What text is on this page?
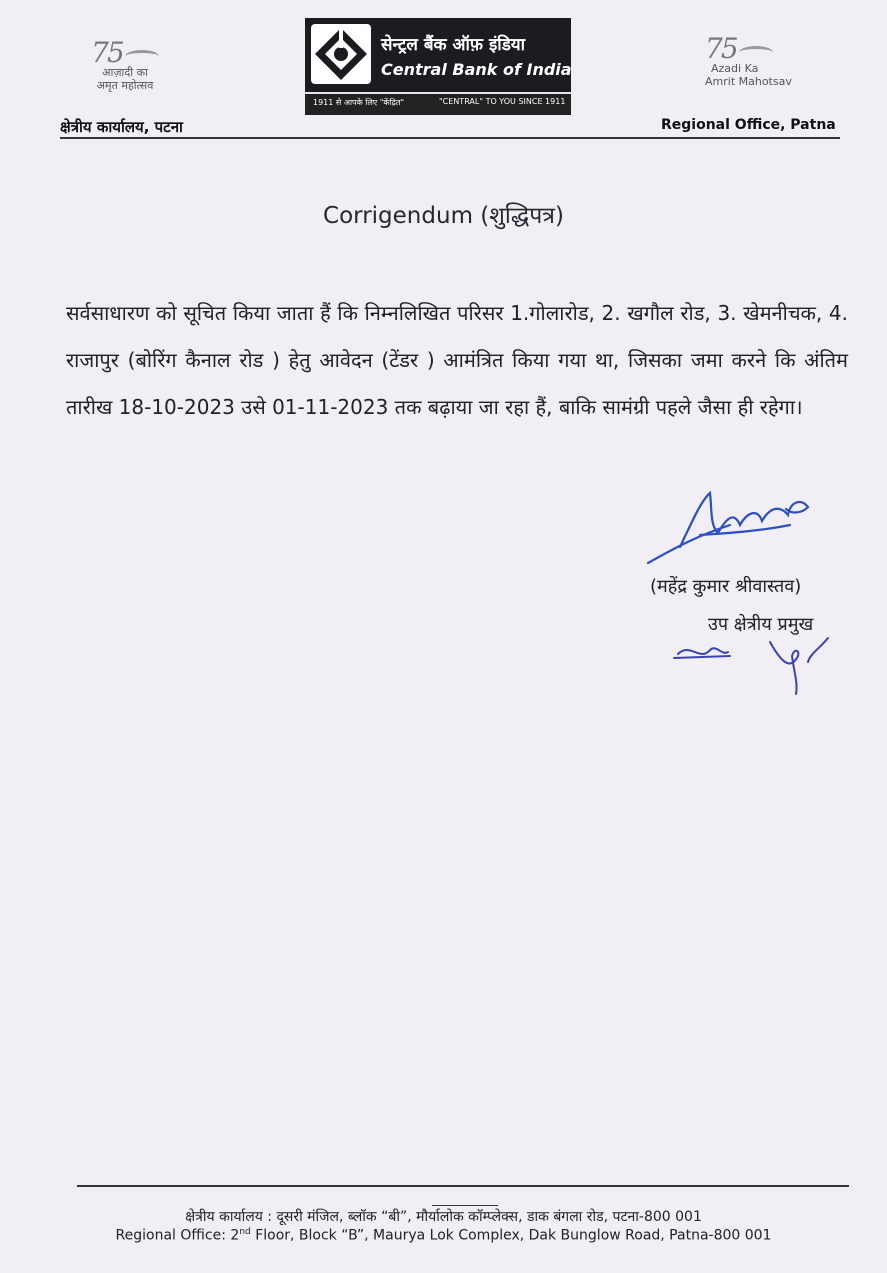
75
आज़ादी का
अमृत महोत्सव
सेन्ट्रल बैंक ऑफ़ इंडिया
Central Bank of India
1911 से आपके लिए "केंद्रित"	"CENTRAL" TO YOU SINCE 1911
75
Azadi Ka
Amrit Mahotsav
क्षेत्रीय कार्यालय, पटना	Regional Office, Patna
Corrigendum (शुद्धिपत्र)
सर्वसाधारण को सूचित किया जाता हैं कि निम्नलिखित परिसर 1.गोलारोड, 2. खगौल रोड, 3. खेमनीचक, 4. राजापुर (बोरिंग कैनाल रोड ) हेतु आवेदन (टेंडर ) आमंत्रित किया गया था, जिसका जमा करने कि अंतिम तारीख 18-10-2023 उसे 01-11-2023 तक बढ़ाया जा रहा हैं, बाकि सामंग्री पहले जैसा ही रहेगा।
(महेंद्र कुमार श्रीवास्तव)
उप क्षेत्रीय प्रमुख
क्षेत्रीय कार्यालय : दूसरी मंजिल, ब्लॉक “बी”, मौर्यालोक कॉम्प्लेक्स, डाक बंगला रोड, पटना-800 001
Regional Office: 2nd Floor, Block “B”, Maurya Lok Complex, Dak Bunglow Road, Patna-800 001
